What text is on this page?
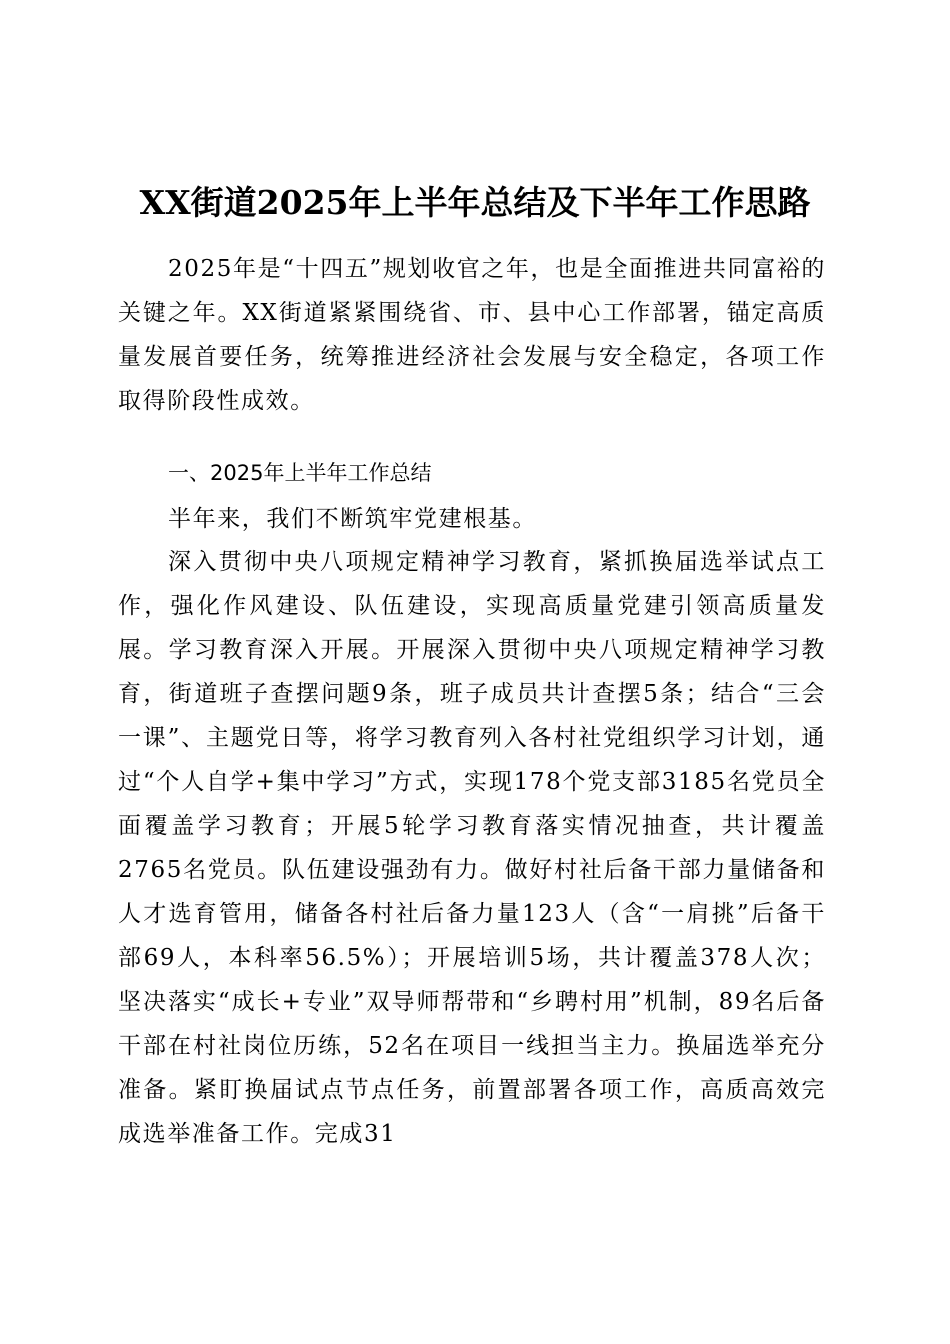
XX街道2025年上半年总结及下半年工作思路

2025年是“十四五”规划收官之年，也是全面推进共同富裕的关键之年。XX街道紧紧围绕省、市、县中心工作部署，锚定高质量发展首要任务，统筹推进经济社会发展与安全稳定，各项工作取得阶段性成效。

一、2025年上半年工作总结

半年来，我们不断筑牢党建根基。

深入贯彻中央八项规定精神学习教育，紧抓换届选举试点工作，强化作风建设、队伍建设，实现高质量党建引领高质量发展。学习教育深入开展。开展深入贯彻中央八项规定精神学习教育，街道班子查摆问题9条，班子成员共计查摆5条；结合“三会一课”、主题党日等，将学习教育列入各村社党组织学习计划，通过“个人自学+集中学习”方式，实现178个党支部3185名党员全面覆盖学习教育；开展5轮学习教育落实情况抽查，共计覆盖2765名党员。队伍建设强劲有力。做好村社后备干部力量储备和人才选育管用，储备各村社后备力量123人（含“一肩挑”后备干部69人，本科率56.5%）；开展培训5场，共计覆盖378人次；坚决落实“成长+专业”双导师帮带和“乡聘村用”机制，89名后备干部在村社岗位历练，52名在项目一线担当主力。换届选举充分准备。紧盯换届试点节点任务，前置部署各项工作，高质高效完成选举准备工作。完成31
